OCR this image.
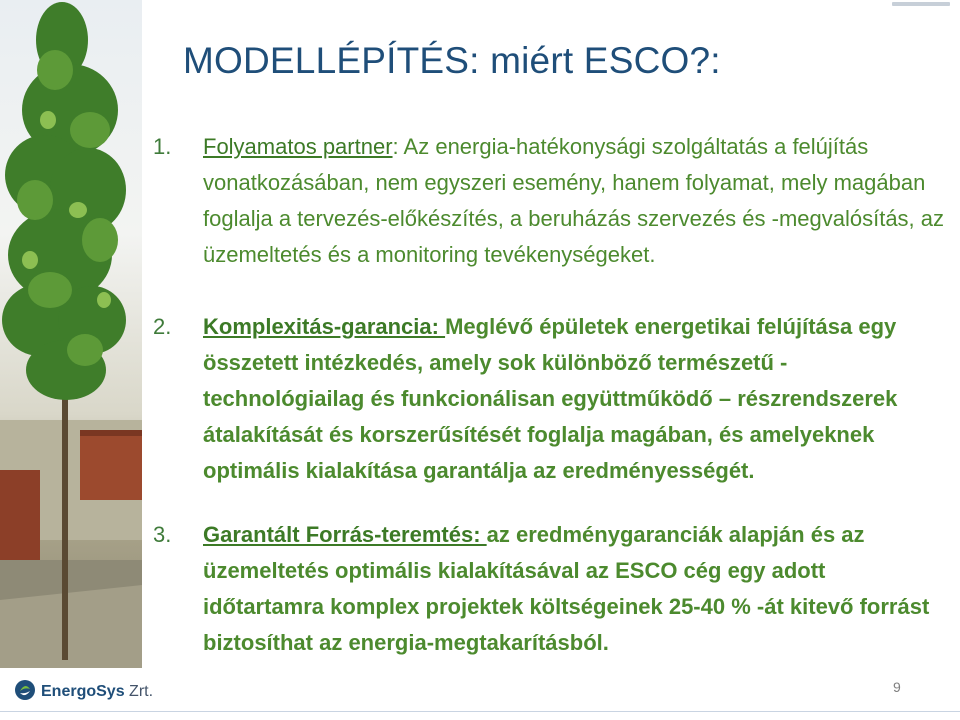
MODELLÉPÍTÉS: miért ESCO?:
1. Folyamatos partner: Az energia-hatékonysági szolgáltatás a felújítás vonatkozásában, nem egyszeri esemény, hanem folyamat, mely magában foglalja a tervezés-előkészítés, a beruházás szervezés és -megvalósítás, az üzemeltetés és a monitoring tevékenységeket.
2. Komplexitás-garancia: Meglévő épületek energetikai felújítása egy összetett intézkedés, amely sok különböző természetű - technológiailag és funkcionálisan együttműködő – részrendszerek átalakítását és korszerűsítését foglalja magában, és amelyeknek optimális kialakítása garantálja az eredményességét.
3. Garantált Forrás-teremtés: az eredménygaranciák alapján és az üzemeltetés optimális kialakításával az ESCO cég egy adott időtartamra komplex projektek költségeinek 25-40 % -át kitevő forrást biztosíthat az energia-megtakarításból.
EnergoSys Zrt.	9
